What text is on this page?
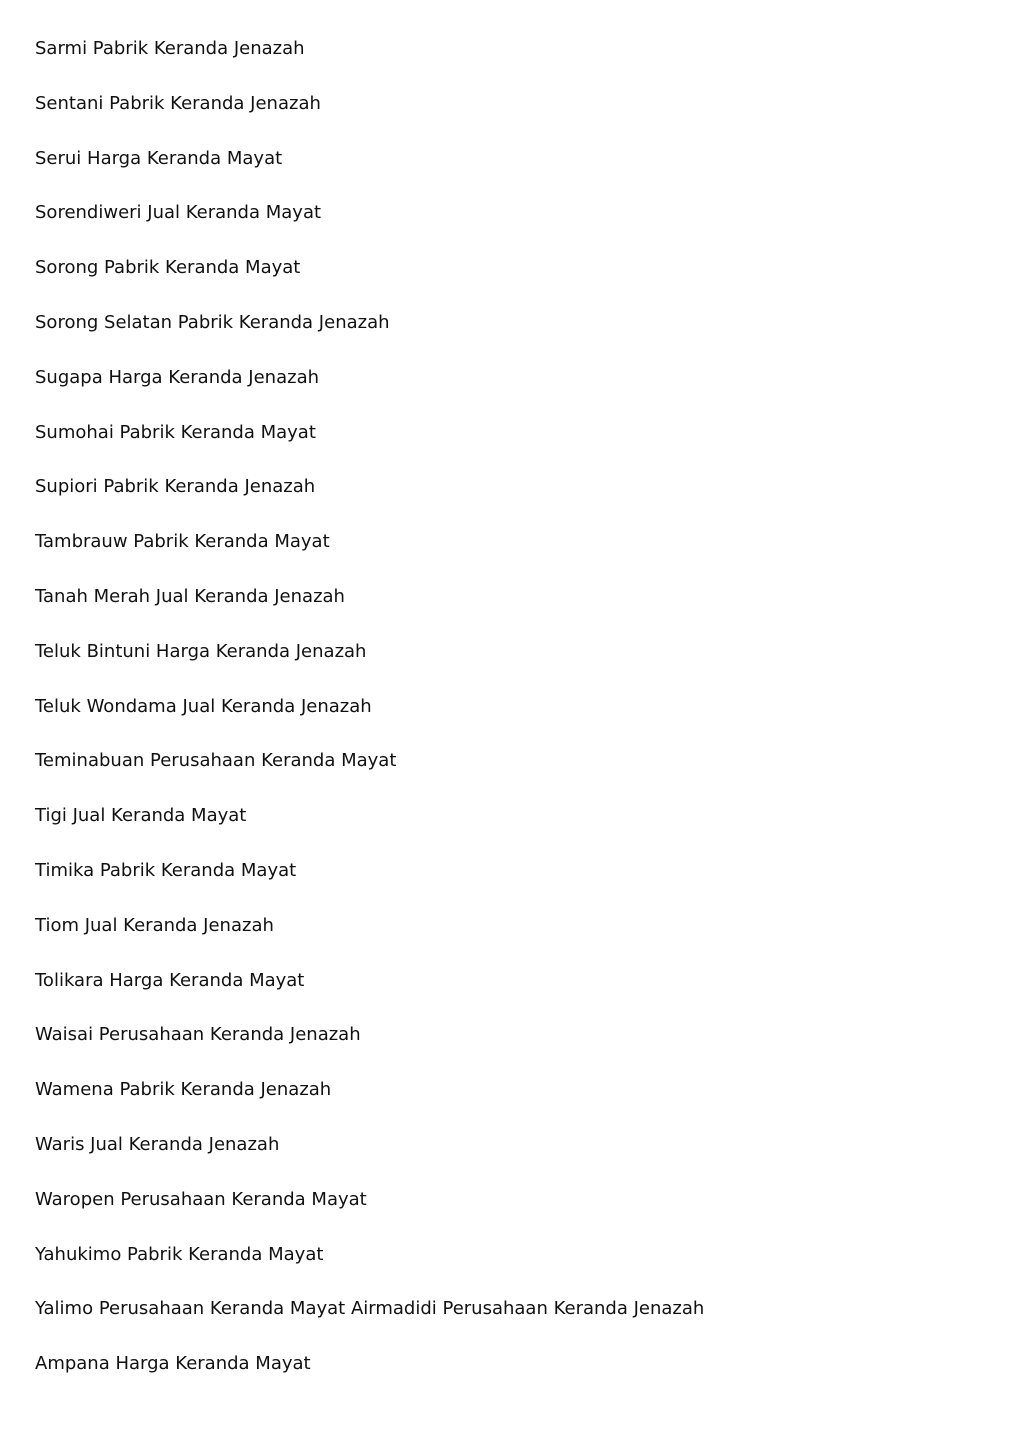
Sarmi Pabrik Keranda Jenazah
Sentani Pabrik Keranda Jenazah
Serui Harga Keranda Mayat
Sorendiweri Jual Keranda Mayat
Sorong Pabrik Keranda Mayat
Sorong Selatan Pabrik Keranda Jenazah
Sugapa Harga Keranda Jenazah
Sumohai Pabrik Keranda Mayat
Supiori Pabrik Keranda Jenazah
Tambrauw Pabrik Keranda Mayat
Tanah Merah Jual Keranda Jenazah
Teluk Bintuni Harga Keranda Jenazah
Teluk Wondama Jual Keranda Jenazah
Teminabuan Perusahaan Keranda Mayat
Tigi Jual Keranda Mayat
Timika Pabrik Keranda Mayat
Tiom Jual Keranda Jenazah
Tolikara Harga Keranda Mayat
Waisai Perusahaan Keranda Jenazah
Wamena Pabrik Keranda Jenazah
Waris Jual Keranda Jenazah
Waropen Perusahaan Keranda Mayat
Yahukimo Pabrik Keranda Mayat
Yalimo Perusahaan Keranda Mayat Airmadidi Perusahaan Keranda Jenazah
Ampana Harga Keranda Mayat
